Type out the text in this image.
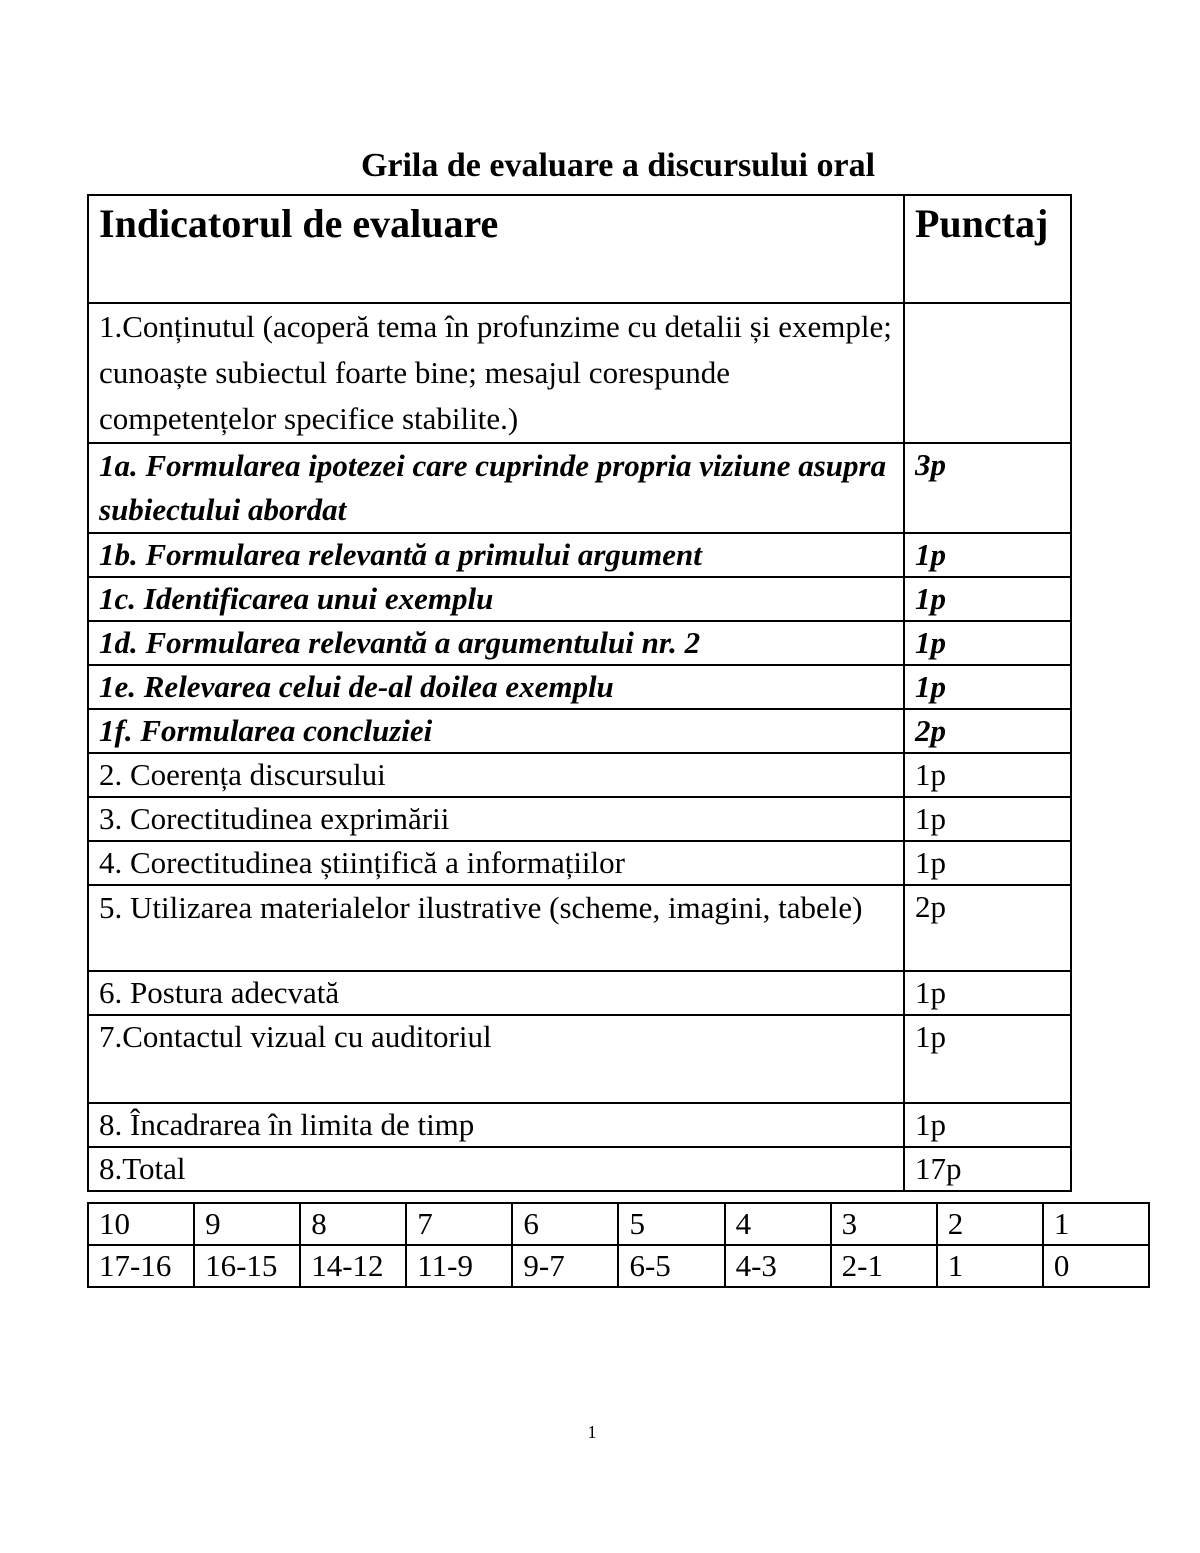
Grila de evaluare a discursului oral
Indicatorul de evaluare	Punctaj
1.Conținutul (acoperă tema în profunzime cu detalii și exemple; cunoaște subiectul foarte bine; mesajul corespunde competențelor specifice stabilite.)	
1a. Formularea ipotezei care cuprinde propria viziune asupra subiectului abordat	3p
1b. Formularea relevantă a primului argument	1p
1c. Identificarea unui exemplu	1p
1d. Formularea relevantă a argumentului nr. 2	1p
1e. Relevarea celui de-al doilea exemplu	1p
1f. Formularea concluziei	2p
2. Coerența discursului	1p
3. Corectitudinea exprimării	1p
4. Corectitudinea științifică a informațiilor	1p
5. Utilizarea materialelor ilustrative (scheme, imagini, tabele)	2p
6. Postura adecvată	1p
7.Contactul vizual cu auditoriul	1p
8. Încadrarea în limita de timp	1p
8.Total	17p
10	9	8	7	6	5	4	3	2	1
17-16	16-15	14-12	11-9	9-7	6-5	4-3	2-1	1	0
1
